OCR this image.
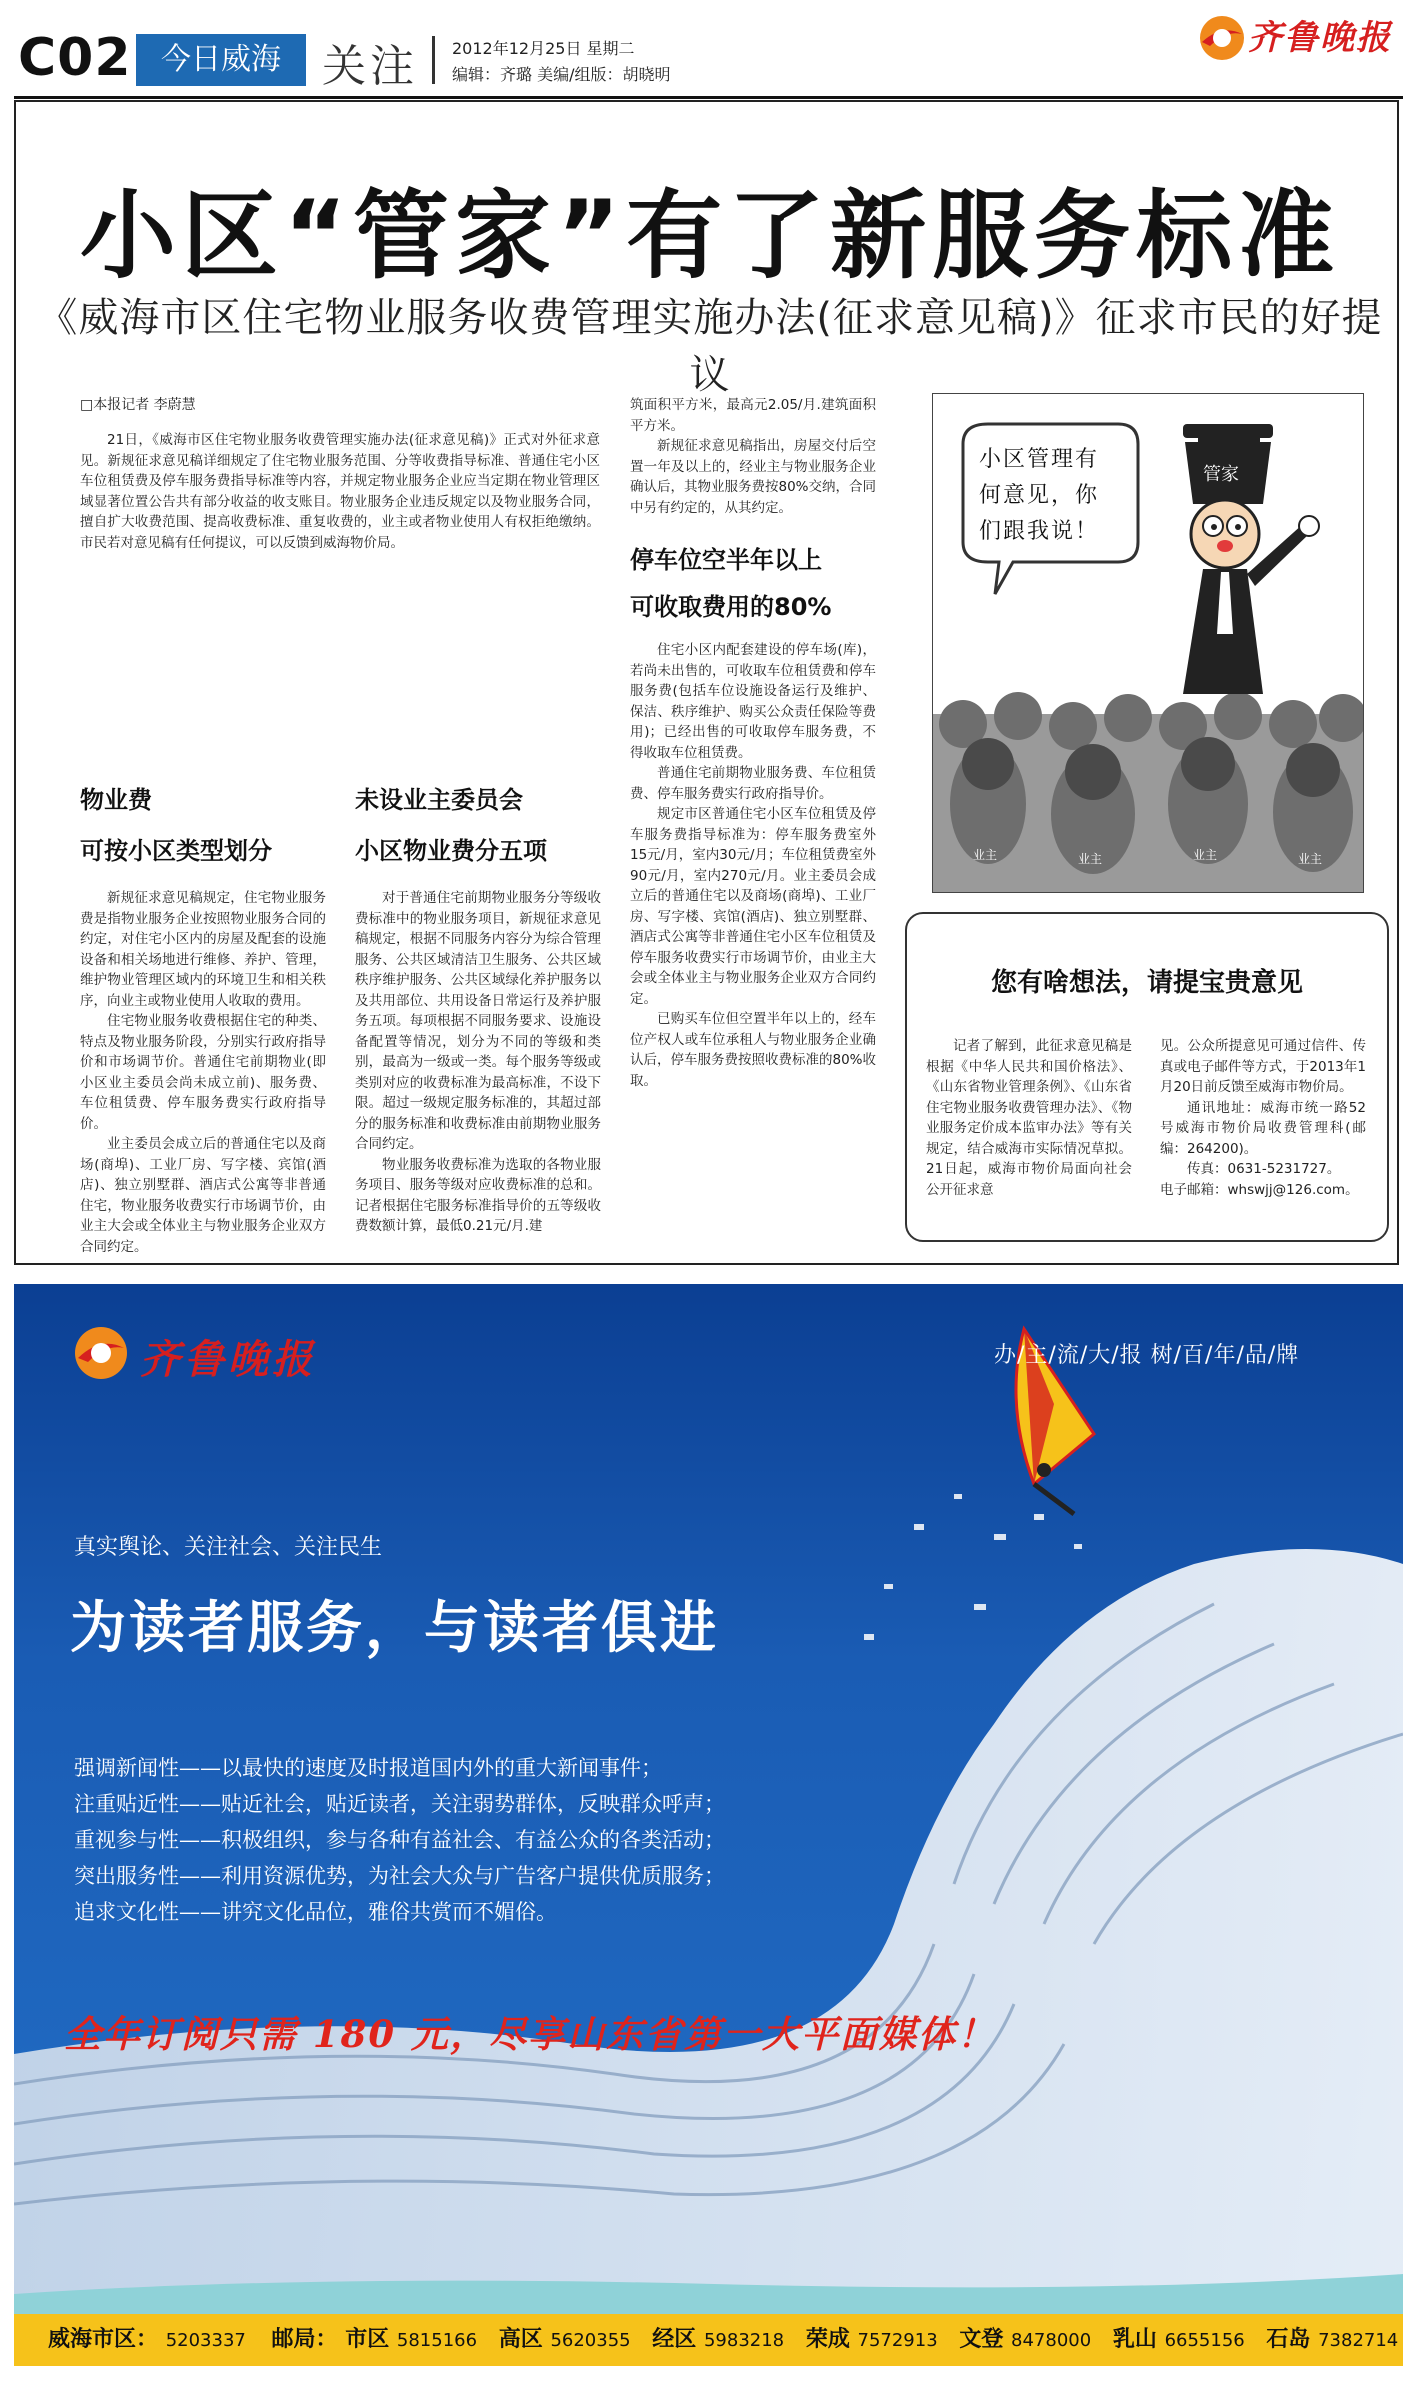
C02 今日威海 关注 2012年12月25日 星期二
编辑：齐璐 美编/组版：胡晓明
齐鲁晚报
小区“管家”有了新服务标准
《威海市区住宅物业服务收费管理实施办法(征求意见稿)》征求市民的好提议
□本报记者 李蔚慧

21日，《威海市区住宅物业服务收费管理实施办法(征求意见稿)》正式对外征求意见。新规征求意见稿详细规定了住宅物业服务范围、分等收费指导标准、普通住宅小区车位租赁费及停车服务费指导标准等内容，并规定物业服务企业应当定期在物业管理区域显著位置公告共有部分收益的收支账目。物业服务企业违反规定以及物业服务合同，擅自扩大收费范围、提高收费标准、重复收费的，业主或者物业使用人有权拒绝缴纳。市民若对意见稿有任何提议，可以反馈到威海物价局。

物业费
可按小区类型划分

新规征求意见稿规定，住宅物业服务费是指物业服务企业按照物业服务合同的约定，对住宅小区内的房屋及配套的设施设备和相关场地进行维修、养护、管理，维护物业管理区域内的环境卫生和相关秩序，向业主或物业使用人收取的费用。

住宅物业服务收费根据住宅的种类、特点及物业服务阶段，分别实行政府指导价和市场调节价。普通住宅前期物业(即小区业主委员会尚未成立前)、服务费、车位租赁费、停车服务费实行政府指导价。

业主委员会成立后的普通住宅以及商场(商埠)、工业厂房、写字楼、宾馆(酒店)、独立别墅群、酒店式公寓等非普通住宅，物业服务收费实行市场调节价，由业主大会或全体业主与物业服务企业双方合同约定。

未设业主委员会
小区物业费分五项

对于普通住宅前期物业服务分等级收费标准中的物业服务项目，新规征求意见稿规定，根据不同服务内容分为综合管理服务、公共区域清洁卫生服务、公共区域秩序维护服务、公共区域绿化养护服务以及共用部位、共用设备日常运行及养护服务五项。每项根据不同服务要求、设施设备配置等情况，划分为不同的等级和类别，最高为一级或一类。每个服务等级或类别对应的收费标准为最高标准，不设下限。超过一级规定服务标准的，其超过部分的服务标准和收费标准由前期物业服务合同约定。

物业服务收费标准为选取的各物业服务项目、服务等级对应收费标准的总和。记者根据住宅服务标准指导价的五等级收费数额计算，最低0.21元/月.建

筑面积平方米，最高元2.05/月.建筑面积平方米。

新规征求意见稿指出，房屋交付后空置一年及以上的，经业主与物业服务企业确认后，其物业服务费按80%交纳，合同中另有约定的，从其约定。

停车位空半年以上
可收取费用的80%

住宅小区内配套建设的停车场(库)，若尚未出售的，可收取车位租赁费和停车服务费(包括车位设施设备运行及维护、保洁、秩序维护、购买公众责任保险等费用)；已经出售的可收取停车服务费，不得收取车位租赁费。

普通住宅前期物业服务费、车位租赁费、停车服务费实行政府指导价。

规定市区普通住宅小区车位租赁及停车服务费指导标准为：停车服务费室外15元/月，室内30元/月；车位租赁费室外90元/月，室内270元/月。业主委员会成立后的普通住宅以及商场(商埠)、工业厂房、写字楼、宾馆(酒店)、独立别墅群、酒店式公寓等非普通住宅小区车位租赁及停车服务收费实行市场调节价，由业主大会或全体业主与物业服务企业双方合同约定。

已购买车位但空置半年以上的，经车位产权人或车位承租人与物业服务企业确认后，停车服务费按照收费标准的80%收取。

小区管理有
何意见，你
们跟我说！
管家
业主	业主	业主	业主
您有啥想法，请提宝贵意见

记者了解到，此征求意见稿是根据《中华人民共和国价格法》、《山东省物业管理条例》、《山东省住宅物业服务收费管理办法》、《物业服务定价成本监审办法》等有关规定，结合威海市实际情况草拟。21日起，威海市物价局面向社会公开征求意

见。公众所提意见可通过信件、传真或电子邮件等方式，于2013年1月20日前反馈至威海市物价局。

通讯地址：威海市统一路52号威海市物价局收费管理科(邮编：264200)。

传真：0631-5231727。

电子邮箱：whswjj@126.com。

齐鲁晚报	办/主/流/大/报 树/百/年/品/牌
真实舆论、关注社会、关注民生
为读者服务，与读者俱进
强调新闻性——以最快的速度及时报道国内外的重大新闻事件；
注重贴近性——贴近社会，贴近读者，关注弱势群体，反映群众呼声；
重视参与性——积极组织，参与各种有益社会、有益公众的各类活动；
突出服务性——利用资源优势，为社会大众与广告客户提供优质服务；
追求文化性——讲究文化品位，雅俗共赏而不媚俗。
全年订阅只需 180 元，尽享山东省第一大平面媒体！
威海市区： 5203337 邮局： 市区 5815166 高区 5620355 经区 5983218 荣成 7572913 文登 8478000 乳山 6655156 石岛 7382714
